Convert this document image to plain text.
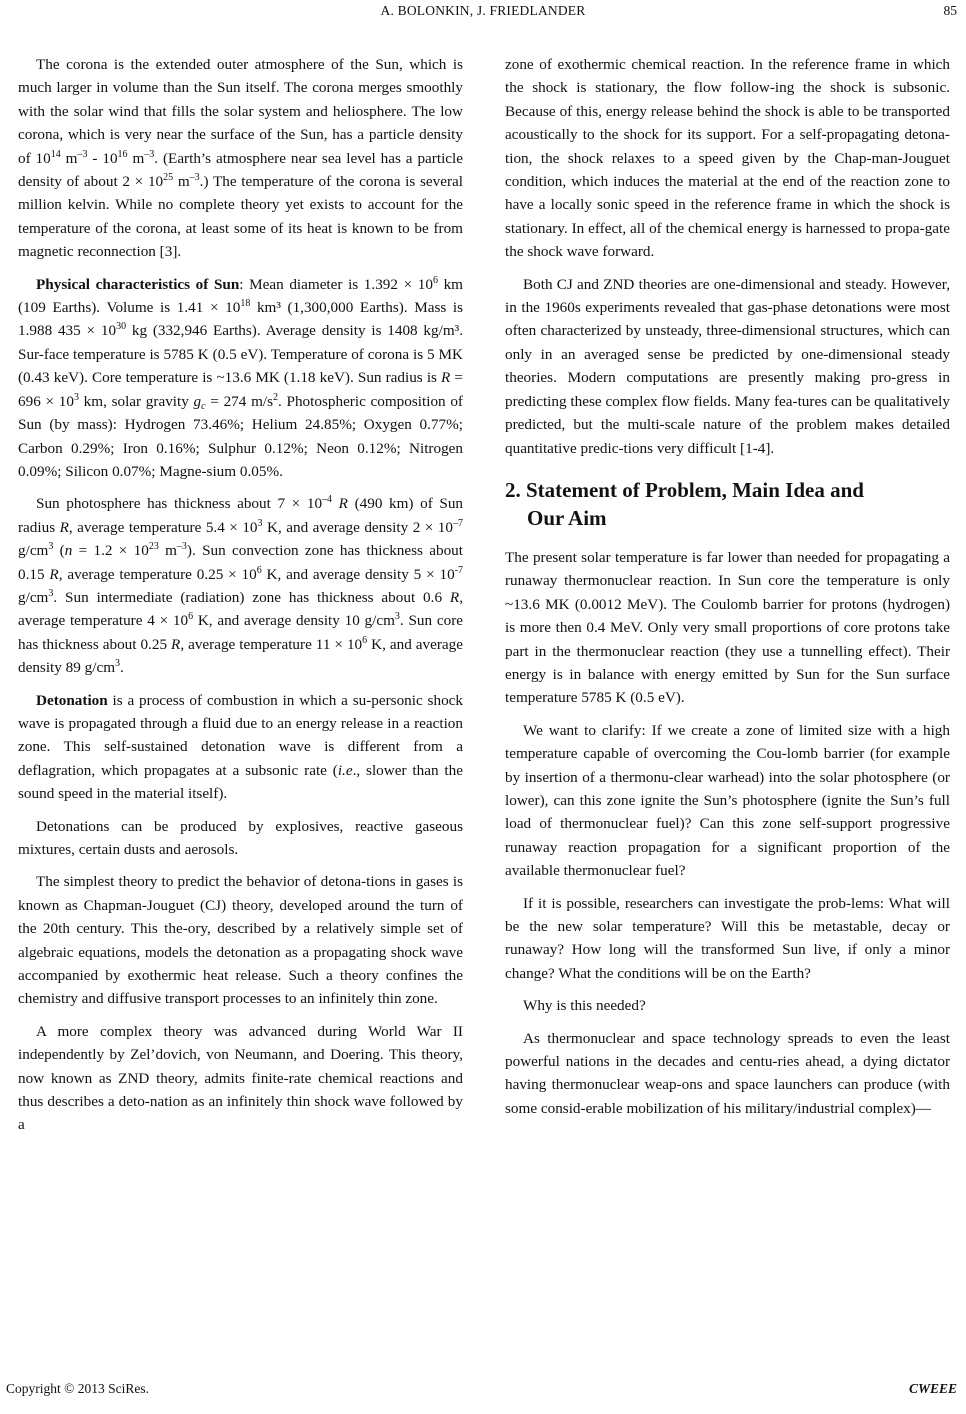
A. BOLONKIN, J. FRIEDLANDER	85

The corona is the extended outer atmosphere of the Sun, which is much larger in volume than the Sun itself. The corona merges smoothly with the solar wind that fills the solar system and heliosphere. The low corona, which is very near the surface of the Sun, has a particle density of $10^{14}$ $m^{-3} - 10^{16}$ $m^{-3}$. (Earth’s atmosphere near sea level has a particle density of about $2 \times 10^{25}$ $m^{-3}$.) The temperature of the corona is several million kelvin. While no complete theory yet exists to account for the temperature of the corona, at least some of its heat is known to be from magnetic reconnection [3].

Physical characteristics of Sun: Mean diameter is $1.392 \times 10^6$ km (109 Earths). Volume is $1.41 \times 10^{18}$ km³ (1,300,000 Earths). Mass is 1.988 $435 \times 10^{30}$ kg (332,946 Earths). Average density is 1408 kg/m³. Sur-face temperature is 5785 K (0.5 eV). Temperature of corona is 5 MK (0.43 keV). Core temperature is ~13.6 MK (1.18 keV). Sun radius is $R = 696 \times 10^3$ km, solar gravity $g_c = 274$ $m/s^2$. Photospheric composition of Sun (by mass): Hydrogen 73.46%; Helium 24.85%; Oxygen 0.77%; Carbon 0.29%; Iron 0.16%; Sulphur 0.12%; Neon 0.12%; Nitrogen 0.09%; Silicon 0.07%; Magne-sium 0.05%.

Sun photosphere has thickness about $7 \times 10^{-4}$ R (490 km) of Sun radius R, average temperature $5.4 \times 10^3$ K, and average density $2 \times 10^{-7}$ $g/cm^3$ ($n = 1.2 \times 10^{23}$ $m^{-3}$). Sun convection zone has thickness about 0.15 R, average temperature $0.25 \times 10^6$ K, and average density $5 \times 10^{-7}$ $g/cm^3$. Sun intermediate (radiation) zone has thickness about 0.6 R, average temperature $4 \times 10^6$ K, and average density 10 $g/cm^3$. Sun core has thickness about 0.25 R, average temperature $11 \times 10^6$ K, and average density 89 $g/cm^3$.

Detonation is a process of combustion in which a su-personic shock wave is propagated through a fluid due to an energy release in a reaction zone. This self-sustained detonation wave is different from a deflagration, which propagates at a subsonic rate (i.e., slower than the sound speed in the material itself).

Detonations can be produced by explosives, reactive gaseous mixtures, certain dusts and aerosols.

The simplest theory to predict the behavior of detona-tions in gases is known as Chapman-Jouguet (CJ) theory, developed around the turn of the 20th century. This the-ory, described by a relatively simple set of algebraic equations, models the detonation as a propagating shock wave accompanied by exothermic heat release. Such a theory confines the chemistry and diffusive transport processes to an infinitely thin zone.

A more complex theory was advanced during World War II independently by Zel’dovich, von Neumann, and Doering. This theory, now known as ZND theory, admits finite-rate chemical reactions and thus describes a deto-nation as an infinitely thin shock wave followed by a

zone of exothermic chemical reaction. In the reference frame in which the shock is stationary, the flow follow-ing the shock is subsonic. Because of this, energy release behind the shock is able to be transported acoustically to the shock for its support. For a self-propagating detona-tion, the shock relaxes to a speed given by the Chap-man-Jouguet condition, which induces the material at the end of the reaction zone to have a locally sonic speed in the reference frame in which the shock is stationary. In effect, all of the chemical energy is harnessed to propa-gate the shock wave forward.

Both CJ and ZND theories are one-dimensional and steady. However, in the 1960s experiments revealed that gas-phase detonations were most often characterized by unsteady, three-dimensional structures, which can only in an averaged sense be predicted by one-dimensional steady theories. Modern computations are presently making pro-gress in predicting these complex flow fields. Many fea-tures can be qualitatively predicted, but the multi-scale nature of the problem makes detailed quantitative predic-tions very difficult [1-4].

2. Statement of Problem, Main Idea and
Our Aim

The present solar temperature is far lower than needed for propagating a runaway thermonuclear reaction. In Sun core the temperature is only ~13.6 MK (0.0012 MeV). The Coulomb barrier for protons (hydrogen) is more then 0.4 MeV. Only very small proportions of core protons take part in the thermonuclear reaction (they use a tunnelling effect). Their energy is in balance with energy emitted by Sun for the Sun surface temperature 5785 K (0.5 eV).

We want to clarify: If we create a zone of limited size with a high temperature capable of overcoming the Cou-lomb barrier (for example by insertion of a thermonu-clear warhead) into the solar photosphere (or lower), can this zone ignite the Sun’s photosphere (ignite the Sun’s full load of thermonuclear fuel)? Can this zone self-support progressive runaway reaction propagation for a significant proportion of the available thermonuclear fuel?

If it is possible, researchers can investigate the prob-lems: What will be the new solar temperature? Will this be metastable, decay or runaway? How long will the transformed Sun live, if only a minor change? What the conditions will be on the Earth?

Why is this needed?

As thermonuclear and space technology spreads to even the least powerful nations in the decades and centu-ries ahead, a dying dictator having thermonuclear weap-ons and space launchers can produce (with some consid-erable mobilization of his military/industrial complex)—

Copyright © 2013 SciRes.	CWEEE
